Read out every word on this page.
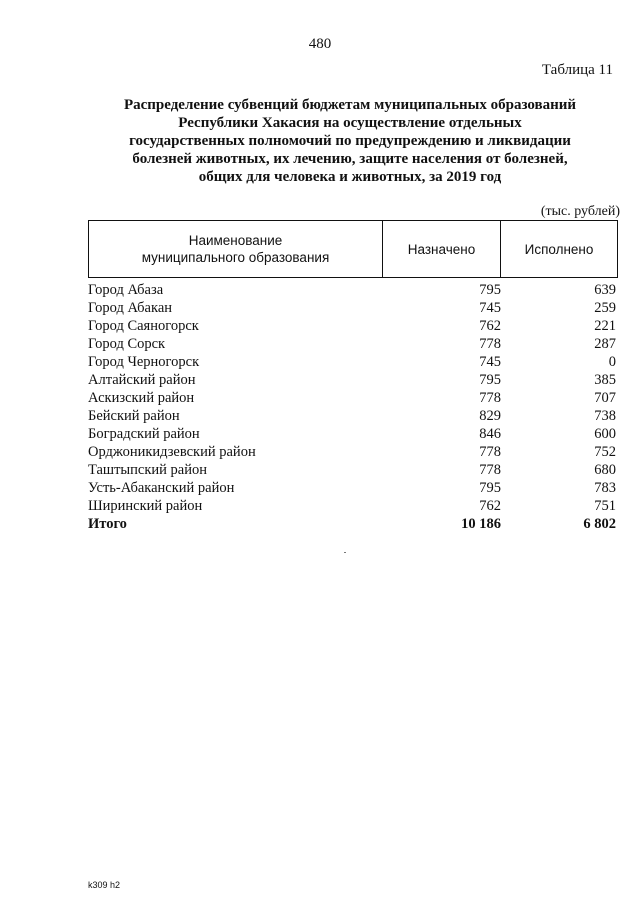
480
Таблица 11
Распределение субвенций бюджетам муниципальных образований
Республики Хакасия на осуществление отдельных
государственных полномочий по предупреждению и ликвидации
болезней животных, их лечению, защите населения от болезней,
общих для человека и животных, за 2019 год
(тыс. рублей)
Наименование
муниципального образования
Назначено	Исполнено
Город Абаза	795	639
Город Абакан	745	259
Город Саяногорск	762	221
Город Сорск	778	287
Город Черногорск	745	0
Алтайский район	795	385
Аскизский район	778	707
Бейский район	829	738
Боградский район	846	600
Орджоникидзевский район	778	752
Таштыпский район	778	680
Усть-Абаканский район	795	783
Ширинский район	762	751
Итого	10 186	6 802
k309 h2
